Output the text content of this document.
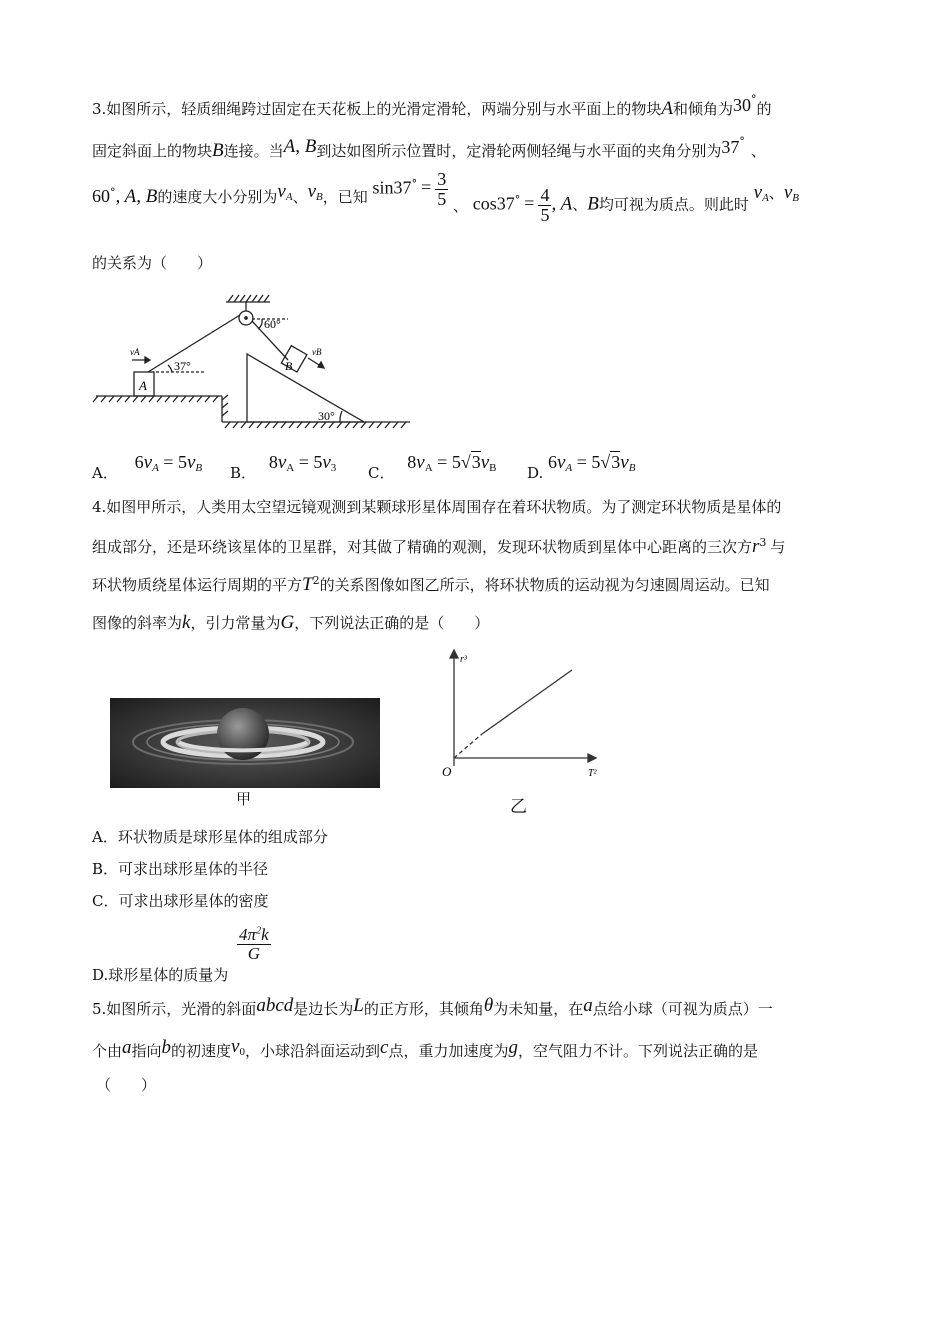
3.如图所示，轻质细绳跨过固定在天花板上的光滑定滑轮，两端分别与水平面上的物块A和倾角为30°的
固定斜面上的物块B连接。当A, B到达如图所示位置时，定滑轮两侧轻绳与水平面的夹角分别为37°、
60°, A, B的速度大小分别为$v_A$、$v_B$，已知 $\sin 37^\circ = \frac{3}{5}$ 、 $\cos 37^\circ = \frac{4}{5}$ , A、B均可视为质点。则此时 $v_A$、$v_B$
的关系为（　　）
60°
37°
30°
A
B
vA	vB
A． $6v_A = 5v_B$ B． $8v_A = 5v_3$ C． $8v_A = 5√3v_B$ D. $6v_A = 5√3v_B$
4.如图甲所示，人类用太空望远镜观测到某颗球形星体周围存在着环状物质。为了测定环状物质是星体的
组成部分，还是环绕该星体的卫星群，对其做了精确的观测，发现环状物质到星体中心距离的三次方$r^3$ 与
环状物质绕星体运行周期的平方$T^2$的关系图像如图乙所示，将环状物质的运动视为匀速圆周运动。已知
图像的斜率为k，引力常量为G，下列说法正确的是（　　）
甲
r³
T²
O
乙
A．环状物质是球形星体的组成部分
B．可求出球形星体的半径
C．可求出球形星体的密度
D.球形星体的质量为
$\frac{4\pi^2k}{G}$
5.如图所示，光滑的斜面abcd是边长为L的正方形，其倾角θ为未知量，在a点给小球（可视为质点）一
个由a指向b的初速度$v_0$，小球沿斜面运动到c点，重力加速度为g，空气阻力不计。下列说法正确的是
（　　）
